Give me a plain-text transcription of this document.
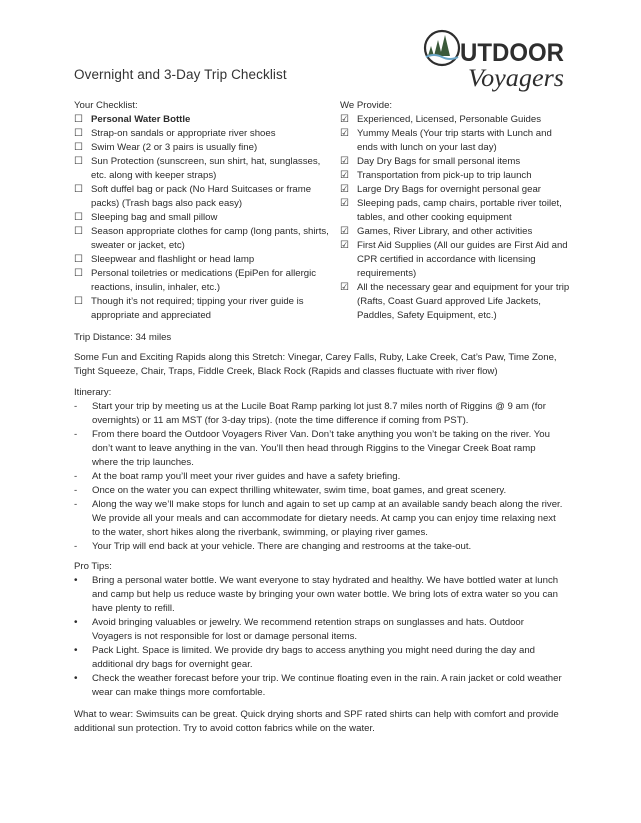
UTDOOR
Voyagers
Overnight and 3-Day Trip Checklist
Your Checklist:
☐ Personal Water Bottle
☐ Strap-on sandals or appropriate river shoes
☐ Swim Wear (2 or 3 pairs is usually fine)
☐ Sun Protection (sunscreen, sun shirt, hat, sunglasses, etc. along with keeper straps)
☐ Soft duffel bag or pack (No Hard Suitcases or frame packs) (Trash bags also pack easy)
☐ Sleeping bag and small pillow
☐ Season appropriate clothes for camp (long pants, shirts, sweater or jacket, etc)
☐ Sleepwear and flashlight or head lamp
☐ Personal toiletries or medications (EpiPen for allergic reactions, insulin, inhaler, etc.)
☐ Though it’s not required; tipping your river guide is appropriate and appreciated
We Provide:
☑ Experienced, Licensed, Personable Guides
☑ Yummy Meals (Your trip starts with Lunch and ends with lunch on your last day)
☑ Day Dry Bags for small personal items
☑ Transportation from pick-up to trip launch
☑ Large Dry Bags for overnight personal gear
☑ Sleeping pads, camp chairs, portable river toilet, tables, and other cooking equipment
☑ Games, River Library, and other activities
☑ First Aid Supplies (All our guides are First Aid and CPR certified in accordance with licensing requirements)
☑ All the necessary gear and equipment for your trip (Rafts, Coast Guard approved Life Jackets, Paddles, Safety Equipment, etc.)
Trip Distance: 34 miles
Some Fun and Exciting Rapids along this Stretch: Vinegar, Carey Falls, Ruby, Lake Creek, Cat’s Paw, Time Zone, Tight Squeeze, Chair, Traps, Fiddle Creek, Black Rock (Rapids and classes fluctuate with river flow)
Itinerary:
-	Start your trip by meeting us at the Lucile Boat Ramp parking lot just 8.7 miles north of Riggins @ 9 am (for overnights) or 11 am MST (for 3-day trips). (note the time difference if coming from PST).
-	From there board the Outdoor Voyagers River Van. Don’t take anything you won’t be taking on the river. You don’t want to leave anything in the van. You’ll then head through Riggins to the Vinegar Creek Boat ramp where the trip launches.
-	At the boat ramp you’ll meet your river guides and have a safety briefing.
-	Once on the water you can expect thrilling whitewater, swim time, boat games, and great scenery.
-	Along the way we’ll make stops for lunch and again to set up camp at an available sandy beach along the river. We provide all your meals and can accommodate for dietary needs. At camp you can enjoy time relaxing next to the water, short hikes along the riverbank, swimming, or playing river games.
-	Your Trip will end back at your vehicle. There are changing and restrooms at the take-out.
Pro Tips:
•	Bring a personal water bottle. We want everyone to stay hydrated and healthy. We have bottled water at lunch and camp but help us reduce waste by bringing your own water bottle. We bring lots of extra water so you can have plenty to refill.
•	Avoid bringing valuables or jewelry. We recommend retention straps on sunglasses and hats. Outdoor Voyagers is not responsible for lost or damage personal items.
•	Pack Light. Space is limited. We provide dry bags to access anything you might need during the day and additional dry bags for overnight gear.
•	Check the weather forecast before your trip. We continue floating even in the rain. A rain jacket or cold weather wear can make things more comfortable.
What to wear: Swimsuits can be great. Quick drying shorts and SPF rated shirts can help with comfort and provide additional sun protection. Try to avoid cotton fabrics while on the water.
